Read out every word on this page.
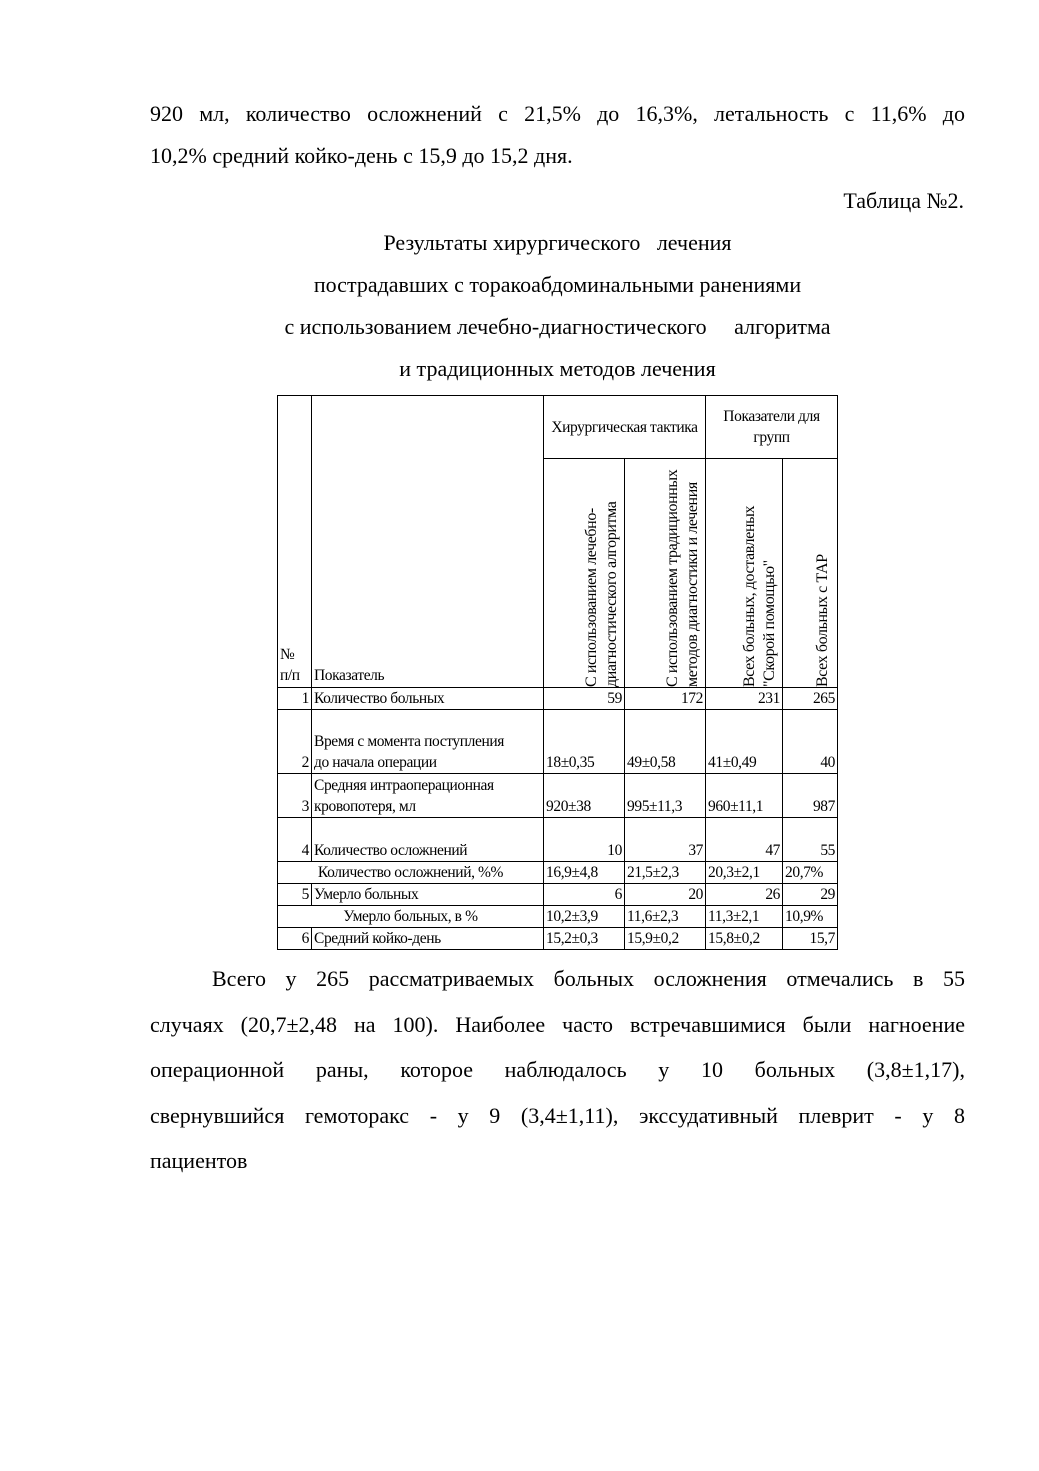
920 мл, количество осложнений с 21,5% до 16,3%, летальность с 11,6% до
10,2% средний койко-день с 15,9 до 15,2 дня.
Таблица №2.
Результаты хирургического   лечения
пострадавших с торакоабдоминальными ранениями
с использованием лечебно-диагностического     алгоритма
и традиционных методов лечения
№
п/п	Показатель	Хирургическая тактика		Показатели для групп	

		С использованием лечебно-диагностического алгоритма	С использованием традиционных методов диагностики и лечения	Всех больных, доставленых "Скорой помощью"	Всех больных с ТАР

1	Количество больных	59	172	231	265
2	Время с момента поступления до начала операции	18±0,35	49±0,58	41±0,49	40
3	Средняя интраоперационная кровопотеря, мл	920±38	995±11,3	960±11,1	987
4	Количество осложнений	10	37	47	55
Количество осложнений, %%		16,9±4,8	21,5±2,3	20,3±2,1	20,7%
5	Умерло больных	6	20	26	29
Умерло больных, в %		10,2±3,9	11,6±2,3	11,3±2,1	10,9%
6	Средний койко-день	15,2±0,3	15,9±0,2	15,8±0,2	15,7
Всего у 265 рассматриваемых больных осложнения отмечались в 55
случаях (20,7±2,48 на 100). Наиболее часто встречавшимися были нагноение
операционной раны, которое наблюдалось у 10 больных (3,8±1,17),
свернувшийся гемоторакс - у 9 (3,4±1,11), экссудативный плеврит - у 8
пациентов
